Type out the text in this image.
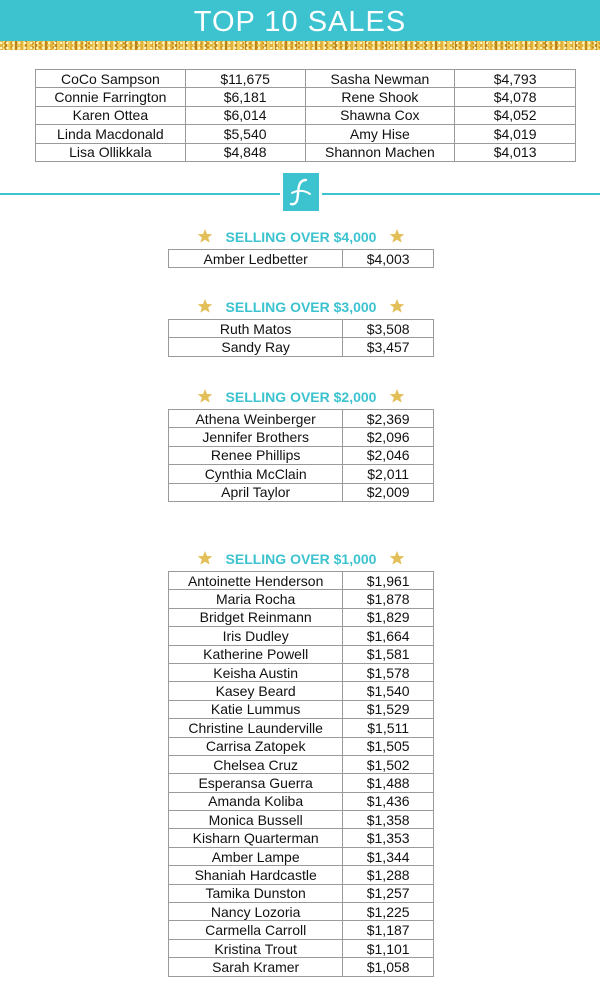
TOP 10 SALES
CoCo Sampson	$11,675	Sasha Newman	$4,793
Connie Farrington	$6,181	Rene Shook	$4,078
Karen Ottea	$6,014	Shawna Cox	$4,052
Linda Macdonald	$5,540	Amy Hise	$4,019
Lisa Ollikkala	$4,848	Shannon Machen	$4,013
SELLING OVER $4,000
Amber Ledbetter	$4,003
SELLING OVER $3,000
Ruth Matos	$3,508
Sandy Ray	$3,457
SELLING OVER $2,000
Athena Weinberger	$2,369
Jennifer Brothers	$2,096
Renee Phillips	$2,046
Cynthia McClain	$2,011
April Taylor	$2,009
SELLING OVER $1,000
Antoinette Henderson	$1,961
Maria Rocha	$1,878
Bridget Reinmann	$1,829
Iris Dudley	$1,664
Katherine Powell	$1,581
Keisha Austin	$1,578
Kasey Beard	$1,540
Katie Lummus	$1,529
Christine Launderville	$1,511
Carrisa Zatopek	$1,505
Chelsea Cruz	$1,502
Esperansa Guerra	$1,488
Amanda Koliba	$1,436
Monica Bussell	$1,358
Kisharn Quarterman	$1,353
Amber Lampe	$1,344
Shaniah Hardcastle	$1,288
Tamika Dunston	$1,257
Nancy Lozoria	$1,225
Carmella Carroll	$1,187
Kristina Trout	$1,101
Sarah Kramer	$1,058
